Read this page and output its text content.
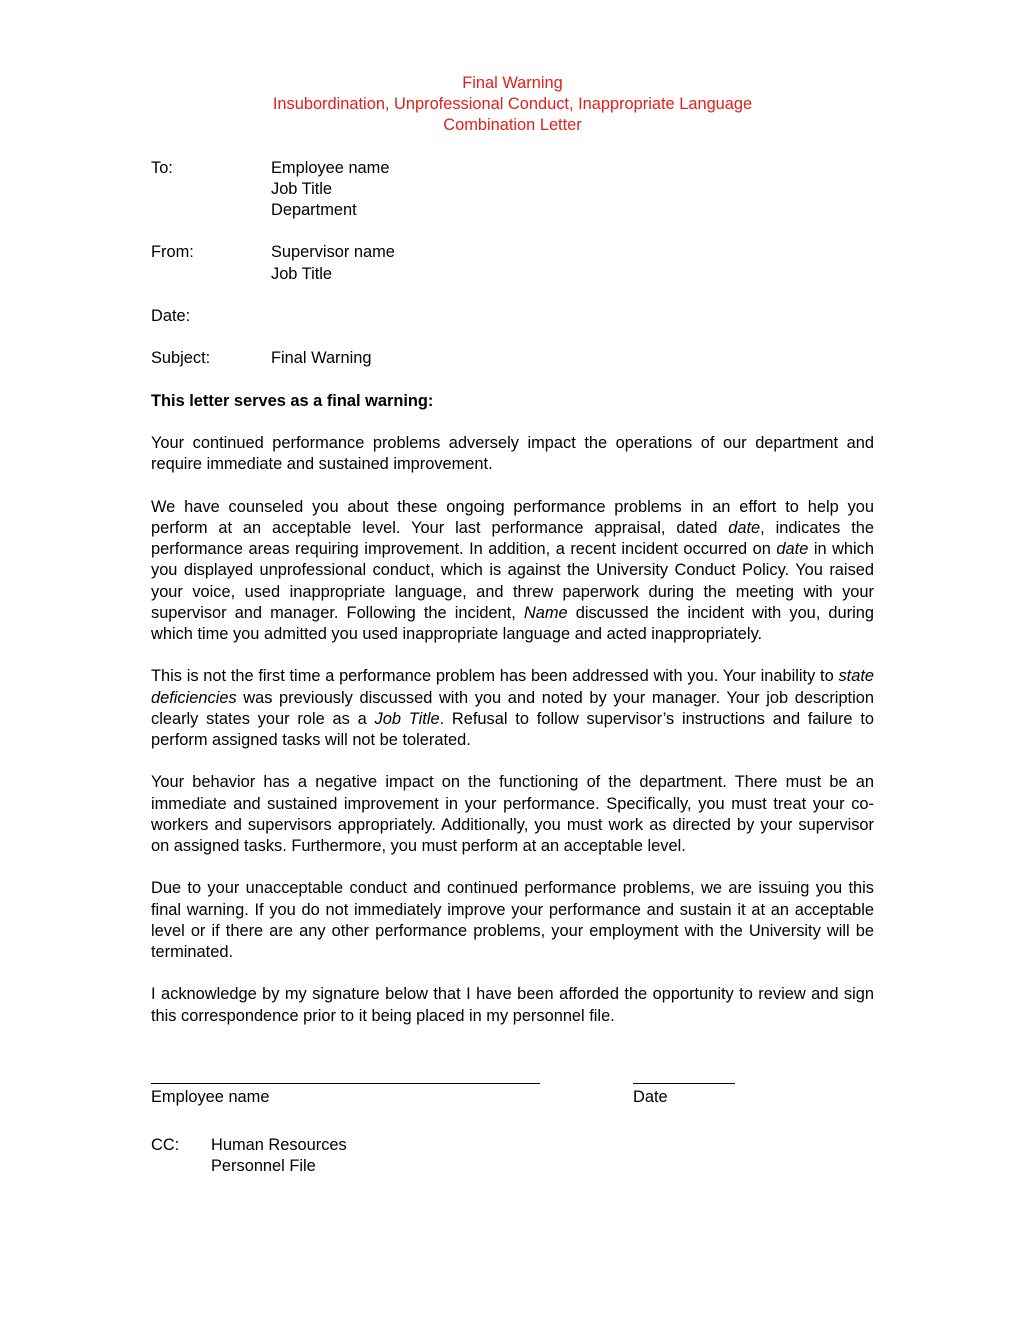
Final Warning
Insubordination, Unprofessional Conduct, Inappropriate Language
Combination Letter
To:	Employee name
Job Title
Department
From:	Supervisor name
Job Title
Date:
Subject:	Final Warning
This letter serves as a final warning:

Your continued performance problems adversely impact the operations of our department and require immediate and sustained improvement.

We have counseled you about these ongoing performance problems in an effort to help you perform at an acceptable level. Your last performance appraisal, dated date, indicates the performance areas requiring improvement. In addition, a recent incident occurred on date in which you displayed unprofessional conduct, which is against the University Conduct Policy. You raised your voice, used inappropriate language, and threw paperwork during the meeting with your supervisor and manager. Following the incident, Name discussed the incident with you, during which time you admitted you used inappropriate language and acted inappropriately.

This is not the first time a performance problem has been addressed with you. Your inability to state deficiencies was previously discussed with you and noted by your manager. Your job description clearly states your role as a Job Title. Refusal to follow supervisor’s instructions and failure to perform assigned tasks will not be tolerated.

Your behavior has a negative impact on the functioning of the department. There must be an immediate and sustained improvement in your performance. Specifically, you must treat your co-workers and supervisors appropriately. Additionally, you must work as directed by your supervisor on assigned tasks. Furthermore, you must perform at an acceptable level.

Due to your unacceptable conduct and continued performance problems, we are issuing you this final warning. If you do not immediately improve your performance and sustain it at an acceptable level or if there are any other performance problems, your employment with the University will be terminated.

I acknowledge by my signature below that I have been afforded the opportunity to review and sign this correspondence prior to it being placed in my personnel file.

Employee name	Date
CC:	Human Resources
Personnel File
